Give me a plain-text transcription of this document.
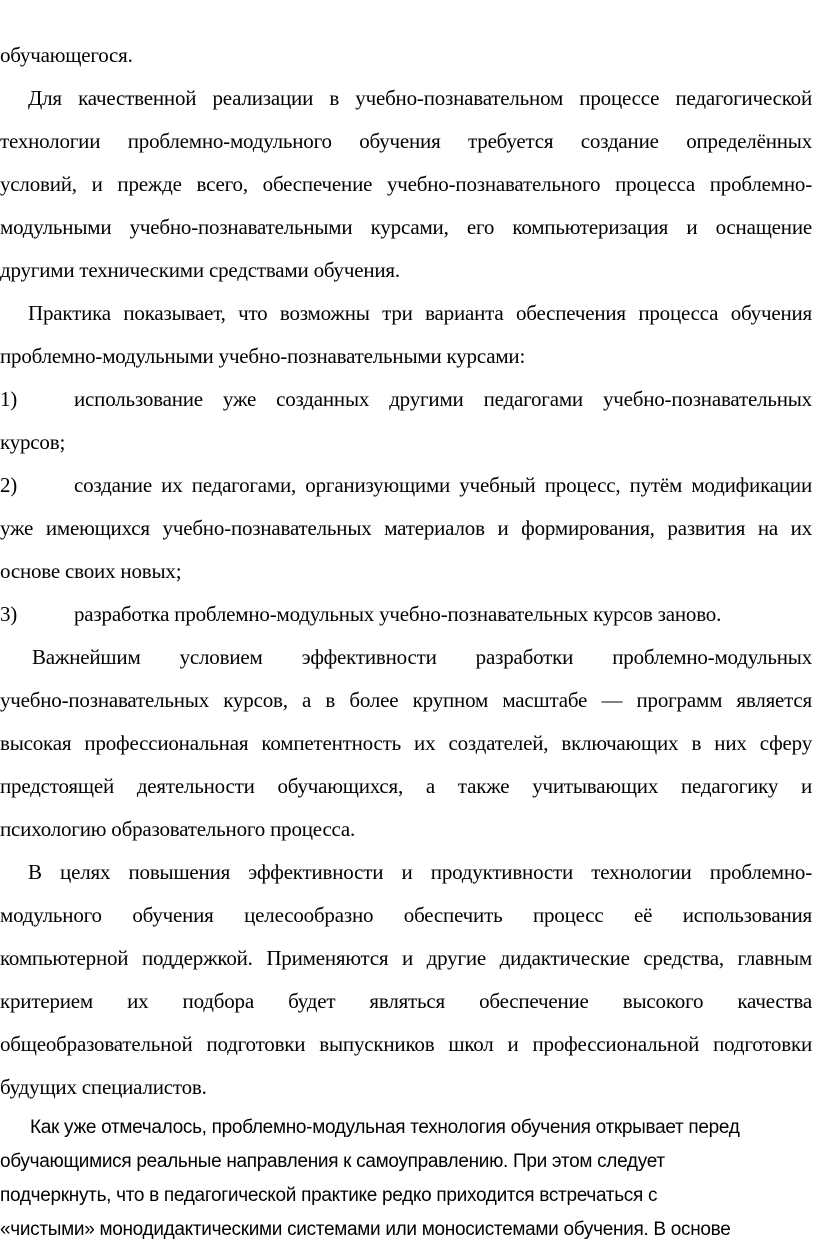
обучающегося.
Для качественной реализации в учебно-познавательном процессе педагогической
технологии проблемно-модульного обучения требуется создание определённых
условий, и прежде всего, обеспечение учебно-познавательного процесса проблемно-
модульными учебно-познавательными курсами, его компьютеризация и оснащение
другими техническими средствами обучения.
Практика показывает, что возможны три варианта обеспечения процесса обучения
проблемно-модульными учебно-познавательными курсами:
1)	использование уже созданных другими педагогами учебно-познавательных
курсов;
2)	создание их педагогами, организующими учебный процесс, путём модификации
уже имеющихся учебно-познавательных материалов и формирования, развития на их
основе своих новых;
3)	разработка проблемно-модульных учебно-познавательных курсов заново.
Важнейшим условием эффективности разработки проблемно-модульных
учебно-познавательных курсов, а в более крупном масштабе — программ является
высокая профессиональная компетентность их создателей, включающих в них сферу
предстоящей деятельности обучающихся, а также учитывающих педагогику и
психологию образовательного процесса.
В целях повышения эффективности и продуктивности технологии проблемно-
модульного обучения целесообразно обеспечить процесс её использования
компьютерной поддержкой. Применяются и другие дидактические средства, главным
критерием их подбора будет являться обеспечение высокого качества
общеобразовательной подготовки выпускников школ и профессиональной подготовки
будущих специалистов.
Как уже отмечалось, проблемно-модульная технология обучения открывает перед
обучающимися реальные направления к самоуправлению. При этом следует
подчеркнуть, что в педагогической практике редко приходится встречаться с
«чистыми» монодидактическими системами или моносистемами обучения. В основе
